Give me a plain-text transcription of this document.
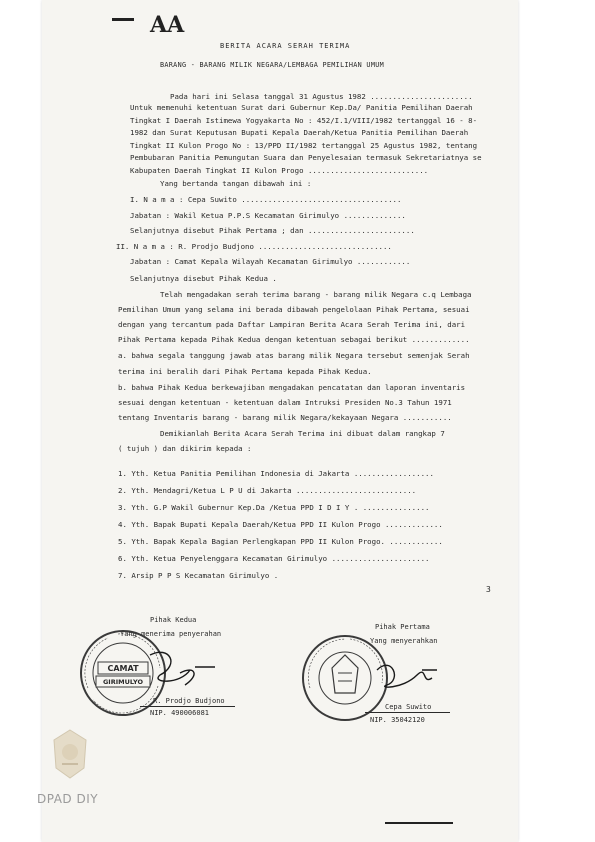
AA
BERITA ACARA SERAH TERIMA
BARANG - BARANG MILIK NEGARA/LEMBAGA PEMILIHAN UMUM
Pada hari ini Selasa tanggal 31 Agustus 1982 .......................
Untuk memenuhi ketentuan Surat dari Gubernur Kep.Da/ Panitia Pemilihan Daerah
Tingkat I Daerah Istimewa Yogyakarta No : 452/I.1/VIII/1982 tertanggal 16 - 8-
1982 dan Surat Keputusan Bupati Kepala Daerah/Ketua Panitia Pemilihan Daerah
Tingkat II Kulon Progo No : 13/PPD II/1982 tertanggal 25 Agustus 1982, tentang
Pembubaran Panitia Pemungutan Suara dan Penyelesaian termasuk Sekretariatnya se
Kabupaten Daerah Tingkat II Kulon Progo ...........................
Yang bertanda tangan dibawah ini :
I. N a m a : Cepa Suwito ....................................
Jabatan : Wakil Ketua P.P.S Kecamatan Girimulyo ..............
Selanjutnya disebut Pihak Pertama ; dan ........................
II. N a m a : R. Prodjo Budjono ..............................
Jabatan : Camat Kepala Wilayah Kecamatan Girimulyo ............
Selanjutnya disebut Pihak Kedua .
Telah mengadakan serah terima barang - barang milik Negara c.q Lembaga
Pemilihan Umum yang selama ini berada dibawah pengelolaan Pihak Pertama, sesuai
dengan yang tercantum pada Daftar Lampiran Berita Acara Serah Terima ini, dari
Pihak Pertama kepada Pihak Kedua dengan ketentuan sebagai berikut .............
a. bahwa segala tanggung jawab atas barang milik Negara tersebut semenjak Serah
terima ini beralih dari Pihak Pertama kepada Pihak Kedua.
b. bahwa Pihak Kedua berkewajiban mengadakan pencatatan dan laporan inventaris
sesuai dengan ketentuan - ketentuan dalam Intruksi Presiden No.3 Tahun 1971
tentang Inventaris barang - barang milik Negara/kekayaan Negara ...........
Demikianlah Berita Acara Serah Terima ini dibuat dalam rangkap 7
( tujuh ) dan dikirim kepada :
1. Yth. Ketua Panitia Pemilihan Indonesia di Jakarta ..................
2. Yth. Mendagri/Ketua L P U di Jakarta ...........................
3. Yth. G.P Wakil Gubernur Kep.Da /Ketua PPD I D I Y . ...............
4. Yth. Bapak Bupati Kepala Daerah/Ketua PPD II Kulon Progo .............
5. Yth. Bapak Kepala Bagian Perlengkapan PPD II Kulon Progo. ............
6. Yth. Ketua Penyelenggara Kecamatan Girimulyo ......................
7. Arsip P P S Kecamatan Girimulyo .
3
Pihak Kedua
Yang menerima penyerahan
CAMAT
GIRIMULYO
R. Prodjo Budjono
NIP. 490006081
Pihak Pertama
Yang menyerahkan
Cepa Suwito
NIP. 35042120
DPAD DIY
